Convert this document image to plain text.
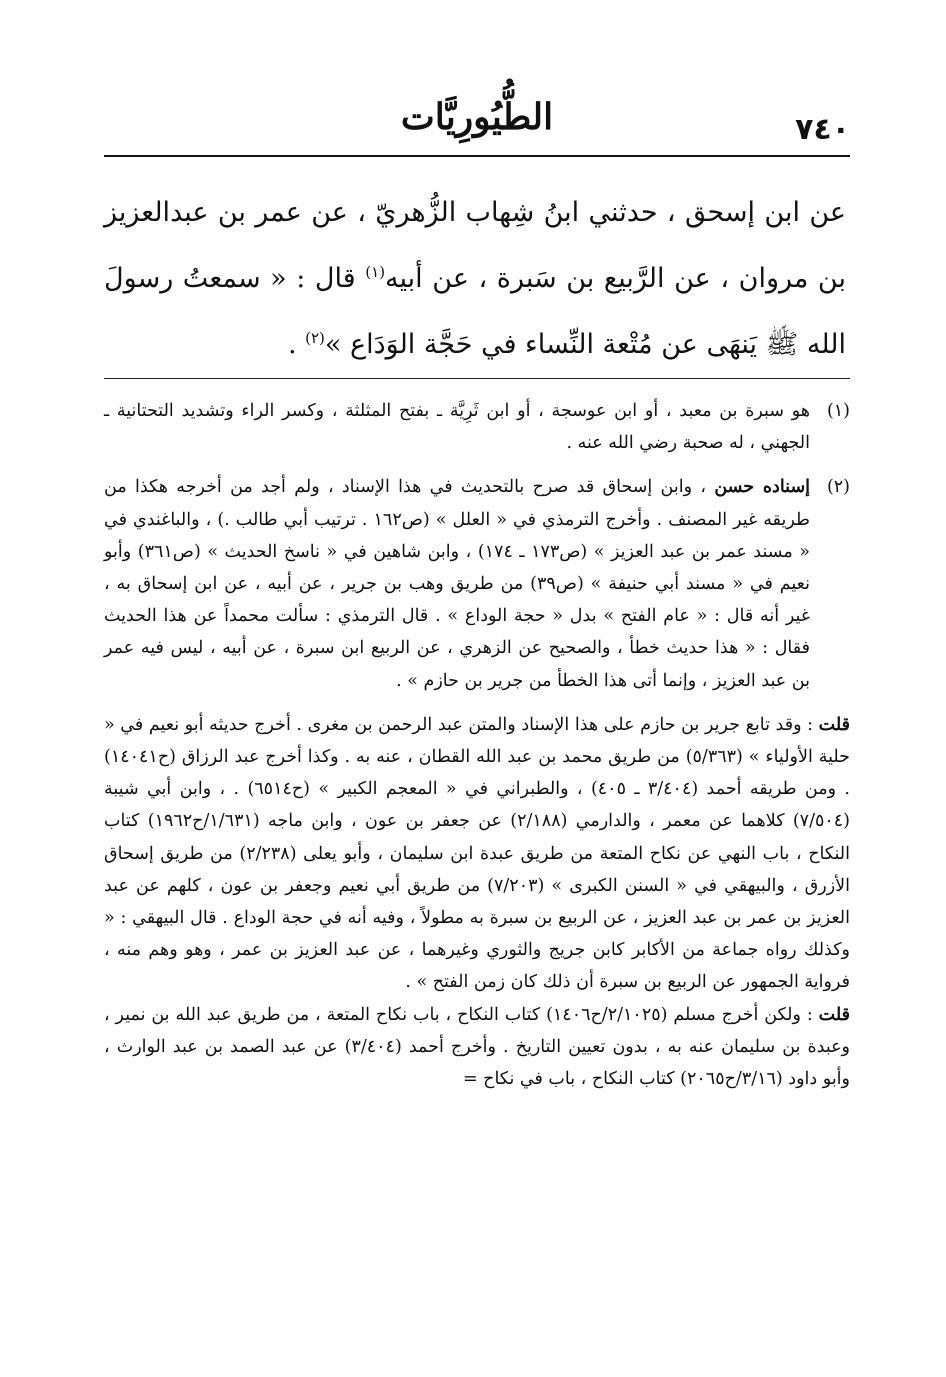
٧٤٠
الطُّيُورِيَّات

عن ابن إسحق ، حدثني ابنُ شِهاب الزُّهريّ ، عن عمر بن عبدالعزيز بن مروان ، عن الرَّبيع بن سَبرة ، عن أبيه$^{(١)}$ قال : « سمعتُ رسولَ الله ﷺ يَنهَى عن مُتْعة النِّساء في حَجَّة الوَدَاع »$^{(٢)}$ .

(١)

هو سبرة بن معبد ، أو ابن عوسجة ، أو ابن ثَرِيَّة ـ بفتح المثلثة ، وكسر الراء وتشديد التحتانية ـ الجهني ، له صحبة رضي الله عنه .

(٢)

إسناده حسن ، وابن إسحاق قد صرح بالتحديث في هذا الإسناد ، ولم أجد من أخرجه هكذا من طريقه غير المصنف . وأخرج الترمذي في « العلل » (ص١٦٢ . ترتيب أبي طالب .) ، والباغندي في « مسند عمر بن عبد العزيز » (ص١٧٣ ـ ١٧٤) ، وابن شاهين في « ناسخ الحديث » (ص٣٦١) وأبو نعيم في « مسند أبي حنيفة » (ص٣٩) من طريق وهب بن جرير ، عن أبيه ، عن ابن إسحاق به ، غير أنه قال : « عام الفتح » بدل « حجة الوداع » . قال الترمذي : سألت محمداً عن هذا الحديث فقال : « هذا حديث خطأ ، والصحيح عن الزهري ، عن الربيع ابن سبرة ، عن أبيه ، ليس فيه عمر بن عبد العزيز ، وإنما أتى هذا الخطأ من جرير بن حازم » .

قلت : وقد تابع جرير بن حازم على هذا الإسناد والمتن عبد الرحمن بن مغرى . أخرج حديثه أبو نعيم في « حلية الأولياء » (٥/٣٦٣) من طريق محمد بن عبد الله القطان ، عنه به . وكذا أخرج عبد الرزاق (ح١٤٠٤١) . ومن طريقه أحمد (٣/٤٠٤ ـ ٤٠٥) ، والطبراني في « المعجم الكبير » (ح٦٥١٤) . ، وابن أبي شيبة (٧/٥٠٤) كلاهما عن معمر ، والدارمي (٢/١٨٨) عن جعفر بن عون ، وابن ماجه (١/٦٣١/ح١٩٦٢) كتاب النكاح ، باب النهي عن نكاح المتعة من طريق عبدة ابن سليمان ، وأبو يعلى (٢/٢٣٨) من طريق إسحاق الأزرق ، والبيهقي في « السنن الكبرى » (٧/٢٠٣) من طريق أبي نعيم وجعفر بن عون ، كلهم عن عبد العزيز بن عمر بن عبد العزيز ، عن الربيع بن سبرة به مطولاً ، وفيه أنه في حجة الوداع . قال البيهقي : « وكذلك رواه جماعة من الأكابر كابن جريج والثوري وغيرهما ، عن عبد العزيز بن عمر ، وهو وهم منه ، فرواية الجمهور عن الربيع بن سبرة أن ذلك كان زمن الفتح » .

قلت : ولكن أخرج مسلم (٢/١٠٢٥/ح١٤٠٦) كتاب النكاح ، باب نكاح المتعة ، من طريق عبد الله بن نمير ، وعبدة بن سليمان عنه به ، بدون تعيين التاريخ . وأخرج أحمد (٣/٤٠٤) عن عبد الصمد بن عبد الوارث ، وأبو داود (٣/١٦/ح٢٠٦٥) كتاب النكاح ، باب في نكاح =
